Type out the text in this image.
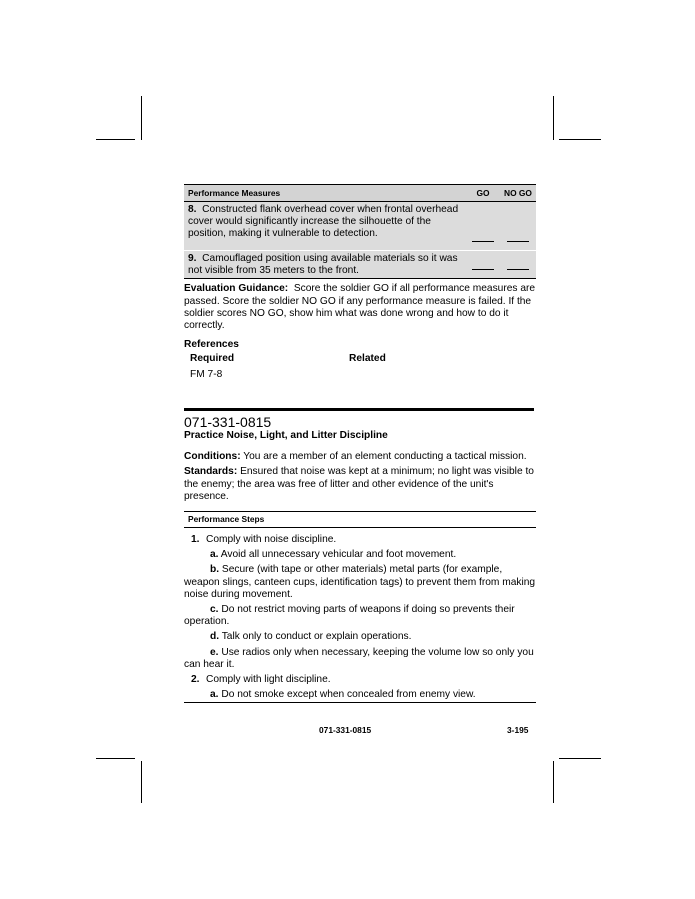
Performance Measures	GO	NO GO
8. Constructed flank overhead cover when frontal overhead cover would significantly increase the silhouette of the position, making it vulnerable to detection.		
9. Camouflaged position using available materials so it was not visible from 35 meters to the front.		
Evaluation Guidance: Score the soldier GO if all performance measures are passed. Score the soldier NO GO if any performance measure is failed. If the soldier scores NO GO, show him what was done wrong and how to do it correctly.
References
Required	Related
FM 7-8
071-331-0815
Practice Noise, Light, and Litter Discipline
Conditions: You are a member of an element conducting a tactical mission.
Standards: Ensured that noise was kept at a minimum; no light was visible to the enemy; the area was free of litter and other evidence of the unit's presence.
Performance Steps
1. Comply with noise discipline.
a. Avoid all unnecessary vehicular and foot movement.
b. Secure (with tape or other materials) metal parts (for example, weapon slings, canteen cups, identification tags) to prevent them from making noise during movement.
c. Do not restrict moving parts of weapons if doing so prevents their operation.
d. Talk only to conduct or explain operations.
e. Use radios only when necessary, keeping the volume low so only you can hear it.
2. Comply with light discipline.
a. Do not smoke except when concealed from enemy view.
071-331-0815	3-195
